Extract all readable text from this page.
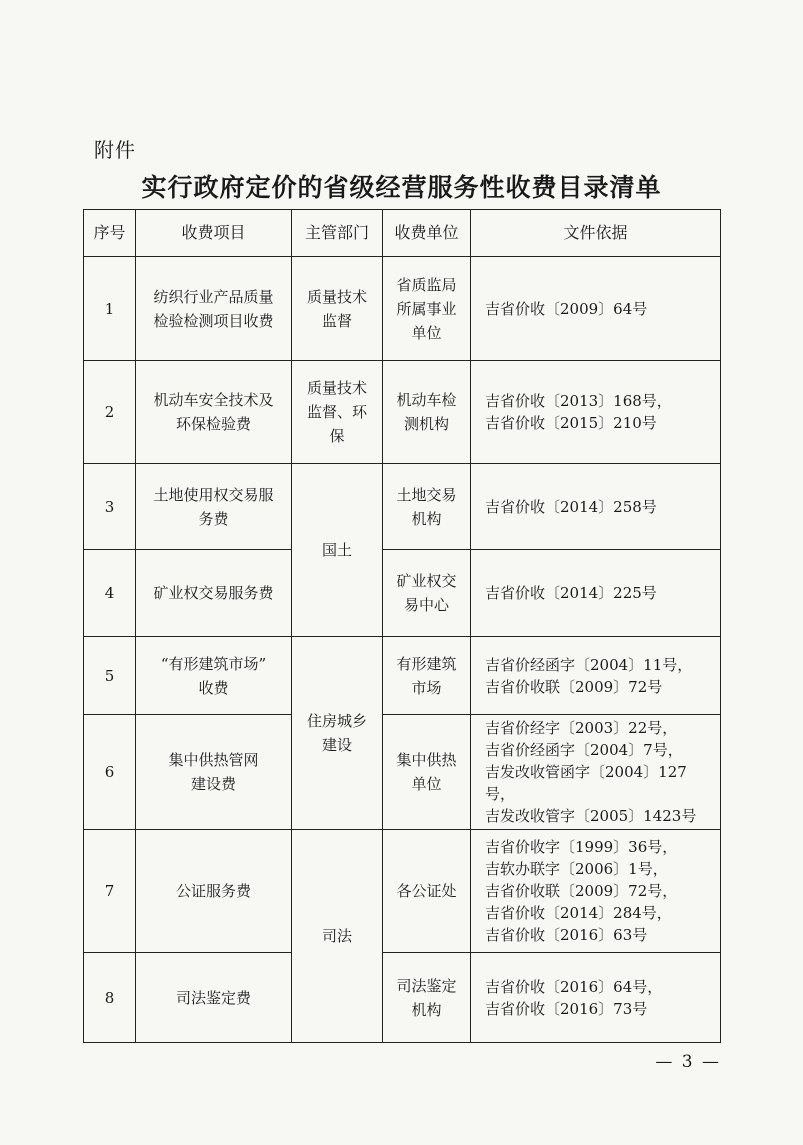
附件
实行政府定价的省级经营服务性收费目录清单
序号	收费项目	主管部门	收费单位	文件依据
1	纺织行业产品质量
检验检测项目收费	质量技术
监督	省质监局
所属事业
单位	吉省价收〔2009〕64号

2	机动车安全技术及
环保检验费	质量技术
监督、环
保	机动车检
测机构	吉省价收〔2013〕168号，
吉省价收〔2015〕210号

3	土地使用权交易服
务费	国土	土地交易
机构	吉省价收〔2014〕258号

4	矿业权交易服务费		矿业权交
易中心	吉省价收〔2014〕225号

5	“有形建筑市场”
收费	住房城乡
建设	有形建筑
市场	吉省价经函字〔2004〕11号，
吉省价收联〔2009〕72号

6	集中供热管网
建设费		集中供热
单位	吉省价经字〔2003〕22号，
吉省价经函字〔2004〕7号，
吉发改收管函字〔2004〕127号，
吉发改收管字〔2005〕1423号

7	公证服务费	司法	各公证处	吉省价收字〔1999〕36号，
吉软办联字〔2006〕1号，
吉省价收联〔2009〕72号，
吉省价收〔2014〕284号，
吉省价收〔2016〕63号

8	司法鉴定费		司法鉴定
机构	吉省价收〔2016〕64号，
吉省价收〔2016〕73号
— 3 —
